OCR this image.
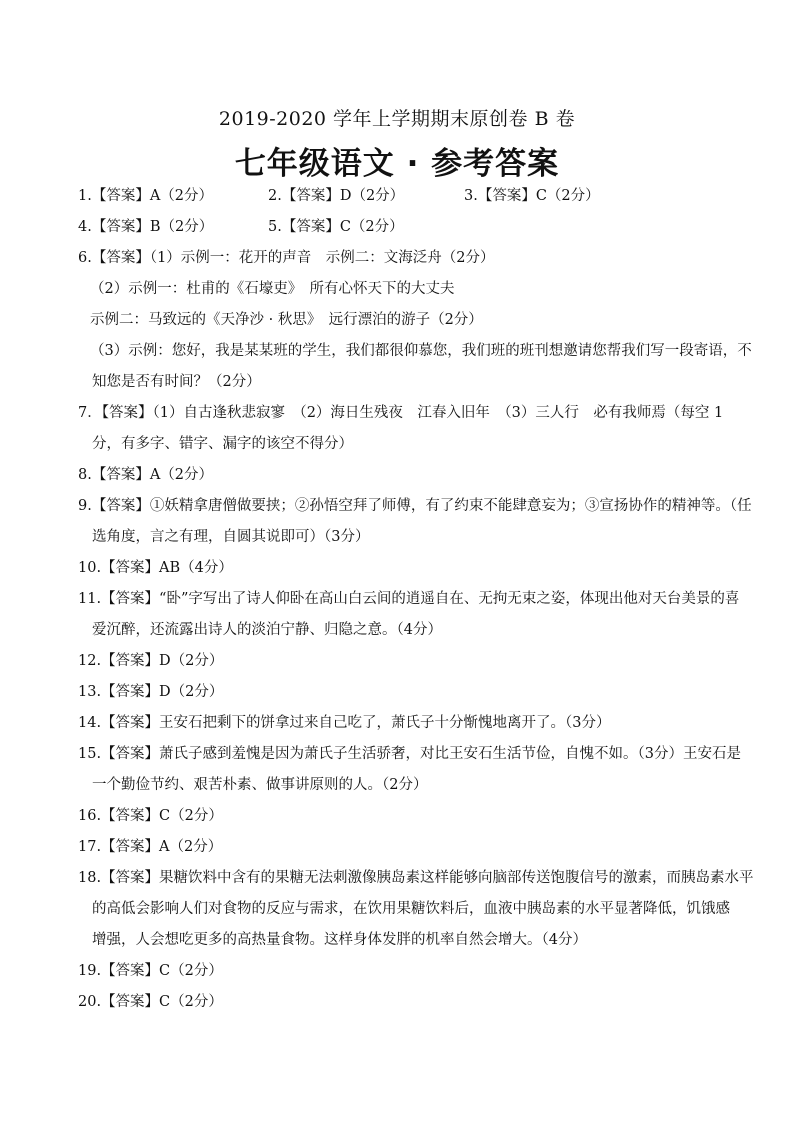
2019-2020 学年上学期期末原创卷 B 卷
七年级语文 · 参考答案
1.【答案】A（2分）	2.【答案】D（2分）	3.【答案】C（2分）
4.【答案】B（2分）	5.【答案】C（2分）
6.【答案】（1）示例一：花开的声音　示例二：文海泛舟（2分）
（2）示例一：杜甫的《石壕吏》　所有心怀天下的大丈夫
示例二：马致远的《天净沙 · 秋思》　远行漂泊的游子（2分）
（3）示例：您好，我是某某班的学生，我们都很仰慕您，我们班的班刊想邀请您帮我们写一段寄语，不
知您是否有时间？（2分）
7．【答案】（1）自古逢秋悲寂寥　（2）海日生残夜　江春入旧年　（3）三人行　必有我师焉（每空 1
分，有多字、错字、漏字的该空不得分）
8.【答案】A（2分）
9.【答案】①妖精拿唐僧做要挟；②孙悟空拜了师傅，有了约束不能肆意妄为；③宣扬协作的精神等。（任
选角度，言之有理，自圆其说即可）（3分）
10.【答案】AB（4分）
11.【答案】“卧”字写出了诗人仰卧在高山白云间的逍遥自在、无拘无束之姿，体现出他对天台美景的喜
爱沉醉，还流露出诗人的淡泊宁静、归隐之意。（4分）
12.【答案】D（2分）
13.【答案】D（2分）
14.【答案】王安石把剩下的饼拿过来自己吃了，萧氏子十分惭愧地离开了。（3分）
15.【答案】萧氏子感到羞愧是因为萧氏子生活骄奢，对比王安石生活节俭，自愧不如。（3分）王安石是
一个勤俭节约、艰苦朴素、做事讲原则的人。（2分）
16.【答案】C（2分）
17.【答案】A（2分）
18.【答案】果糖饮料中含有的果糖无法刺激像胰岛素这样能够向脑部传送饱腹信号的激素，而胰岛素水平
的高低会影响人们对食物的反应与需求，在饮用果糖饮料后，血液中胰岛素的水平显著降低，饥饿感
增强，人会想吃更多的高热量食物。这样身体发胖的机率自然会增大。（4分）
19.【答案】C（2分）
20.【答案】C（2分）
